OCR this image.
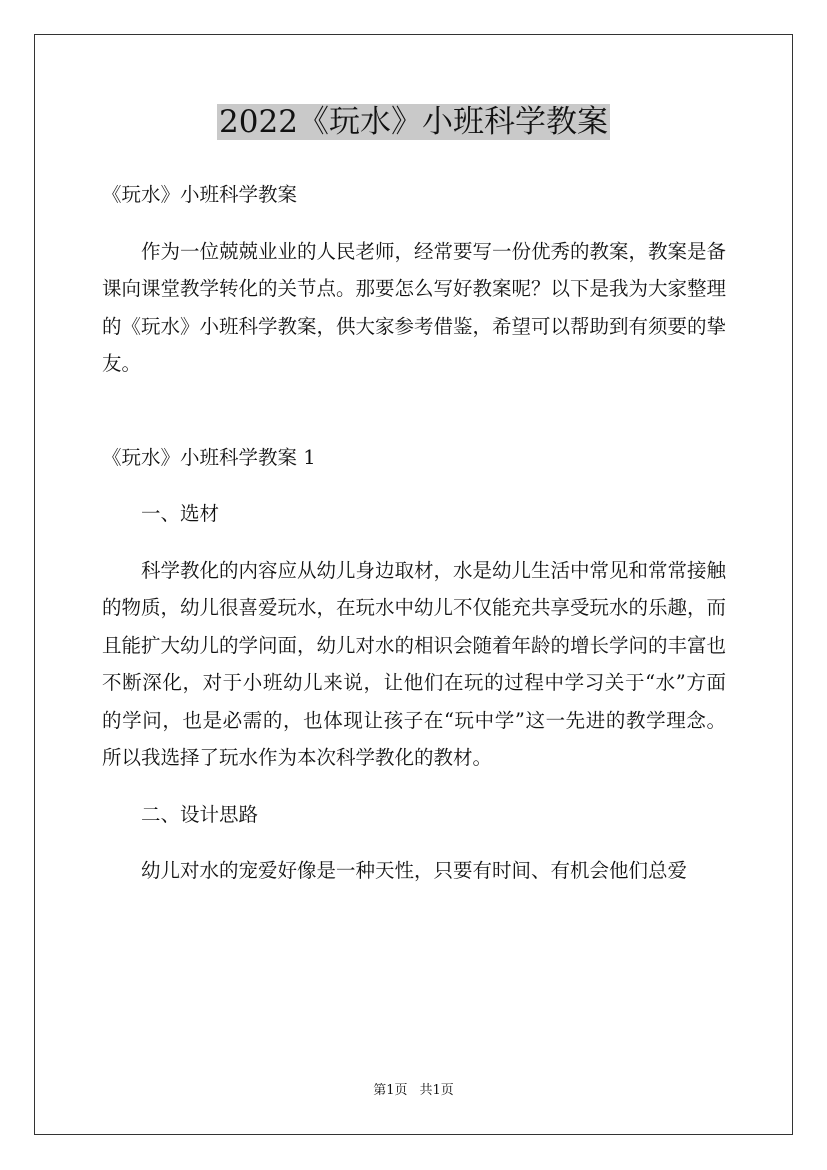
2022《玩水》小班科学教案

《玩水》小班科学教案

作为一位兢兢业业的人民老师，经常要写一份优秀的教案，教案是备课向课堂教学转化的关节点。那要怎么写好教案呢？以下是我为大家整理的《玩水》小班科学教案，供大家参考借鉴，希望可以帮助到有须要的挚友。

《玩水》小班科学教案 1

一、选材

科学教化的内容应从幼儿身边取材，水是幼儿生活中常见和常常接触的物质，幼儿很喜爱玩水，在玩水中幼儿不仅能充共享受玩水的乐趣，而且能扩大幼儿的学问面，幼儿对水的相识会随着年龄的增长学问的丰富也不断深化，对于小班幼儿来说，让他们在玩的过程中学习关于“水”方面的学问，也是必需的，也体现让孩子在“玩中学”这一先进的教学理念。所以我选择了玩水作为本次科学教化的教材。

二、设计思路

幼儿对水的宠爱好像是一种天性，只要有时间、有机会他们总爱

第1页 共1页
